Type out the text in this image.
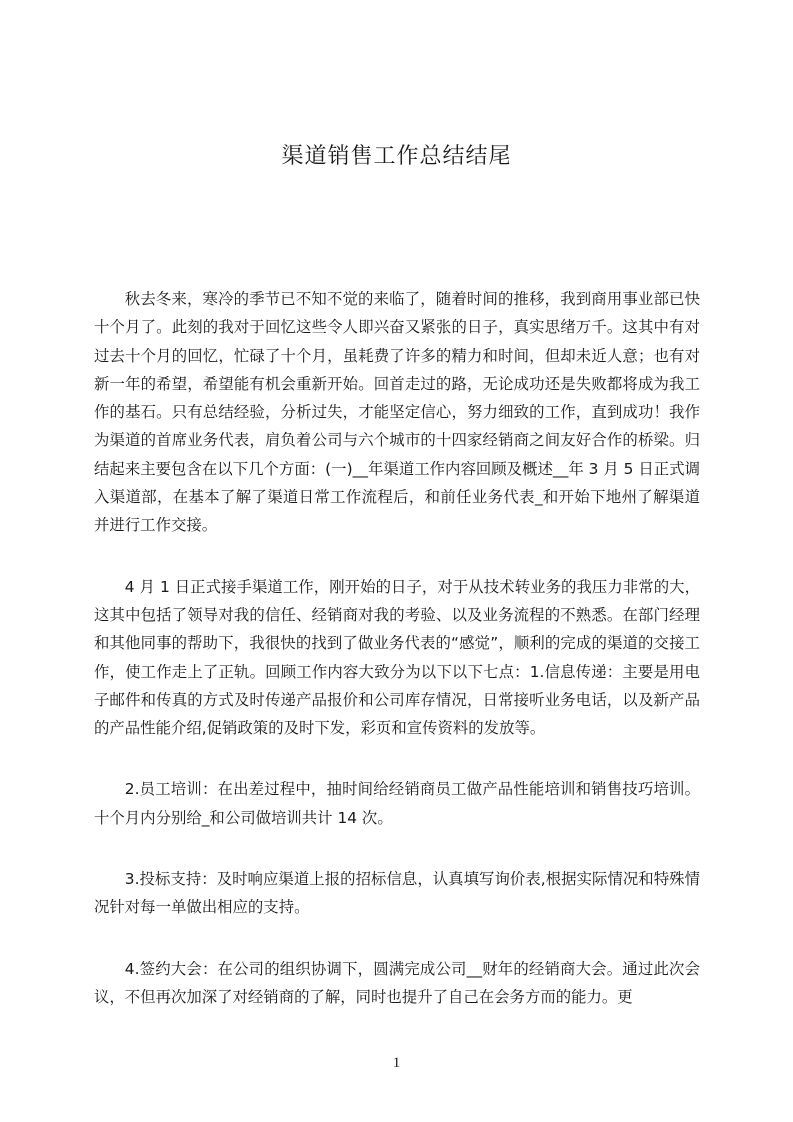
渠道销售工作总结结尾

秋去冬来，寒冷的季节已不知不觉的来临了，随着时间的推移，我到商用事业部已快十个月了。此刻的我对于回忆这些令人即兴奋又紧张的日子，真实思绪万千。这其中有对过去十个月的回忆，忙碌了十个月，虽耗费了许多的精力和时间，但却未近人意；也有对新一年的希望，希望能有机会重新开始。回首走过的路，无论成功还是失败都将成为我工作的基石。只有总结经验，分析过失，才能坚定信心，努力细致的工作，直到成功！我作为渠道的首席业务代表，肩负着公司与六个城市的十四家经销商之间友好合作的桥梁。归结起来主要包含在以下几个方面：(一)__年渠道工作内容回顾及概述__年 3 月 5 日正式调入渠道部，在基本了解了渠道日常工作流程后，和前任业务代表_和开始下地州了解渠道并进行工作交接。

4 月 1 日正式接手渠道工作，刚开始的日子，对于从技术转业务的我压力非常的大，这其中包括了领导对我的信任、经销商对我的考验、以及业务流程的不熟悉。在部门经理和其他同事的帮助下，我很快的找到了做业务代表的“感觉”，顺利的完成的渠道的交接工作，使工作走上了正轨。回顾工作内容大致分为以下以下七点：1.信息传递：主要是用电子邮件和传真的方式及时传递产品报价和公司库存情况，日常接听业务电话，以及新产品的产品性能介绍,促销政策的及时下发，彩页和宣传资料的发放等。

2.员工培训：在出差过程中，抽时间给经销商员工做产品性能培训和销售技巧培训。十个月内分别给_和公司做培训共计 14 次。

3.投标支持：及时响应渠道上报的招标信息，认真填写询价表,根据实际情况和特殊情况针对每一单做出相应的支持。

4.签约大会：在公司的组织协调下，圆满完成公司__财年的经销商大会。通过此次会议，不但再次加深了对经销商的了解，同时也提升了自己在会务方而的能力。更

1
